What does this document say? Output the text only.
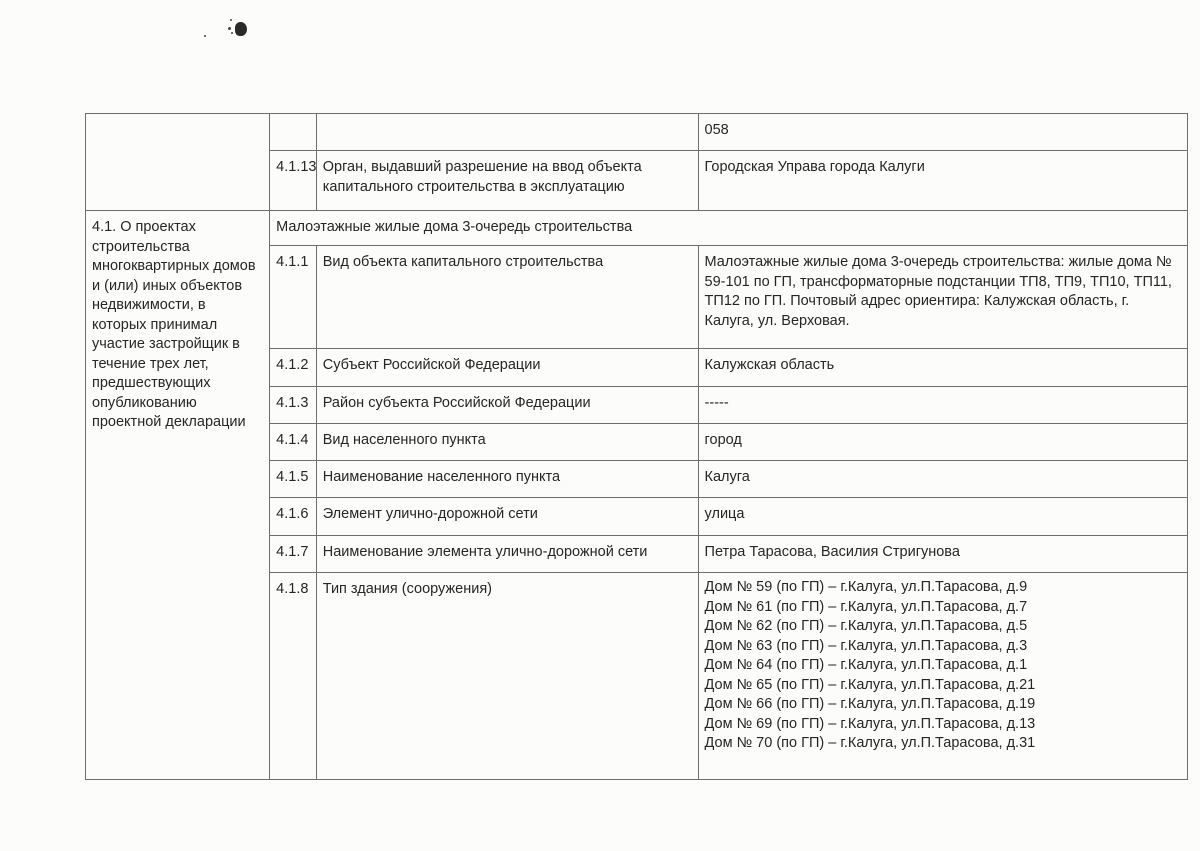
			058
	4.1.13	Орган, выдавший разрешение на ввод объекта капитального строительства в эксплуатацию	Городская Управа города Калуги
4.1. О проектах строительства многоквартирных домов и (или) иных объектов недвижимости, в которых принимал участие застройщик в течение трех лет, предшествующих опубликованию проектной декларации	Малоэтажные жилые дома 3-очередь строительства		
	4.1.1	Вид объекта капитального строительства	Малоэтажные жилые дома 3-очередь строительства: жилые дома № 59-101 по ГП, трансформаторные подстанции ТП8, ТП9, ТП10, ТП11, ТП12 по ГП. Почтовый адрес ориентира: Калужская область, г. Калуга, ул. Верховая.
	4.1.2	Субъект Российской Федерации	Калужская область
	4.1.3	Район субъекта Российской Федерации	-----
	4.1.4	Вид населенного пункта	город
	4.1.5	Наименование населенного пункта	Калуга
	4.1.6	Элемент улично-дорожной сети	улица
	4.1.7	Наименование элемента улично-дорожной сети	Петра Тарасова, Василия Стригунова
4.1.8	Тип здания (сооружения)	Дом № 59 (по ГП) – г.Калуга, ул.П.Тарасова, д.9
Дом № 61 (по ГП) – г.Калуга, ул.П.Тарасова, д.7
Дом № 62 (по ГП) – г.Калуга, ул.П.Тарасова, д.5
Дом № 63 (по ГП) – г.Калуга, ул.П.Тарасова, д.3
Дом № 64 (по ГП) – г.Калуга, ул.П.Тарасова, д.1
Дом № 65 (по ГП) – г.Калуга, ул.П.Тарасова, д.21
Дом № 66 (по ГП) – г.Калуга, ул.П.Тарасова, д.19
Дом № 69 (по ГП) – г.Калуга, ул.П.Тарасова, д.13
Дом № 70 (по ГП) – г.Калуга, ул.П.Тарасова, д.31
